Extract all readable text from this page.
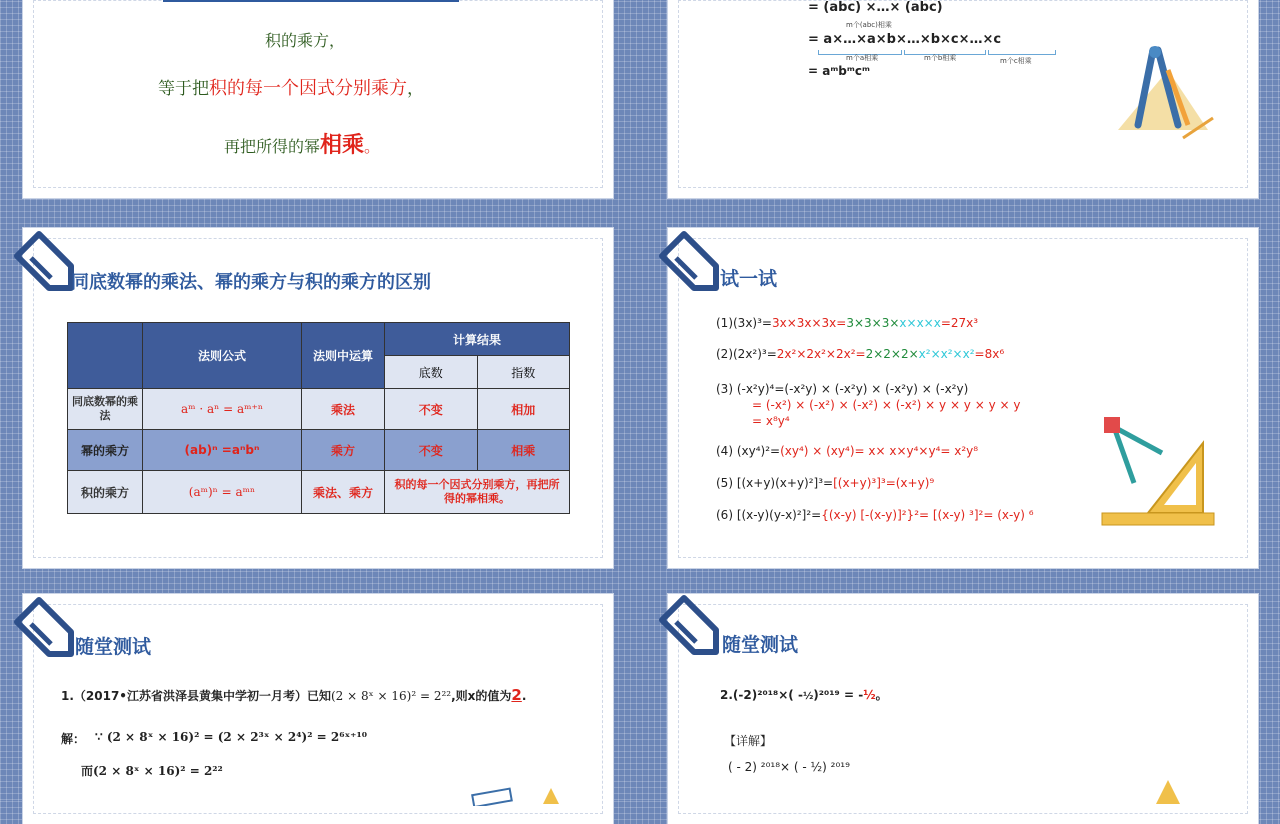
积的乘方，
等于把积的每一个因式分别乘方，
再把所得的幂相乘。
= (abc) ×…× (abc)
m个(abc)相乘
= a×…×a×b×…×b×c×…×c
m个a相乘	m个b相乘	m个c相乘
= aᵐbᵐcᵐ
同底数幂的乘法、幂的乘方与积的乘方的区别
	法则公式	法则中运算	计算结果	
			底数	指数
同底数幂的乘法	aᵐ · aⁿ = aᵐ⁺ⁿ	乘法	不变	相加
幂的乘方	(ab)ⁿ =aⁿbⁿ	乘方	不变	相乘
积的乘方	(aᵐ)ⁿ = aᵐⁿ	乘法、乘方	积的每一个因式分别乘方，再把所得的幂相乘。	
试一试
(1)(3x)³=3x×3x×3x=3×3×3×x×x×x=27x³
(2)(2x²)³=2x²×2x²×2x²=2×2×2×x²×x²×x²=8x⁶
(3) (-x²y)⁴=(-x²y) × (-x²y) × (-x²y) × (-x²y)
= (-x²) × (-x²) × (-x²) × (-x²) × y × y × y × y
= x⁸y⁴
(4) (xy⁴)²=(xy⁴) × (xy⁴)= x× x×y⁴×y⁴= x²y⁸
(5) [(x+y)(x+y)²]³=[(x+y)³]³=(x+y)⁹
(6) [(x-y)(y-x)²]²={(x-y) [-(x-y)]²}²= [(x-y) ³]²= (x-y) ⁶
随堂测试
1.（2017•江苏省洪泽县黄集中学初一月考）已知(2 × 8ˣ × 16)² = 2²²,则x的值为2.
解： ∵ (2 × 8ˣ × 16)² = (2 × 2³ˣ × 2⁴)² = 2⁶ˣ⁺¹⁰
而(2 × 8ˣ × 16)² = 2²²
随堂测试
2.(-2)²⁰¹⁸×( -½)²⁰¹⁹ = -½。
【详解】
( - 2) ²⁰¹⁸× ( - ½) ²⁰¹⁹
